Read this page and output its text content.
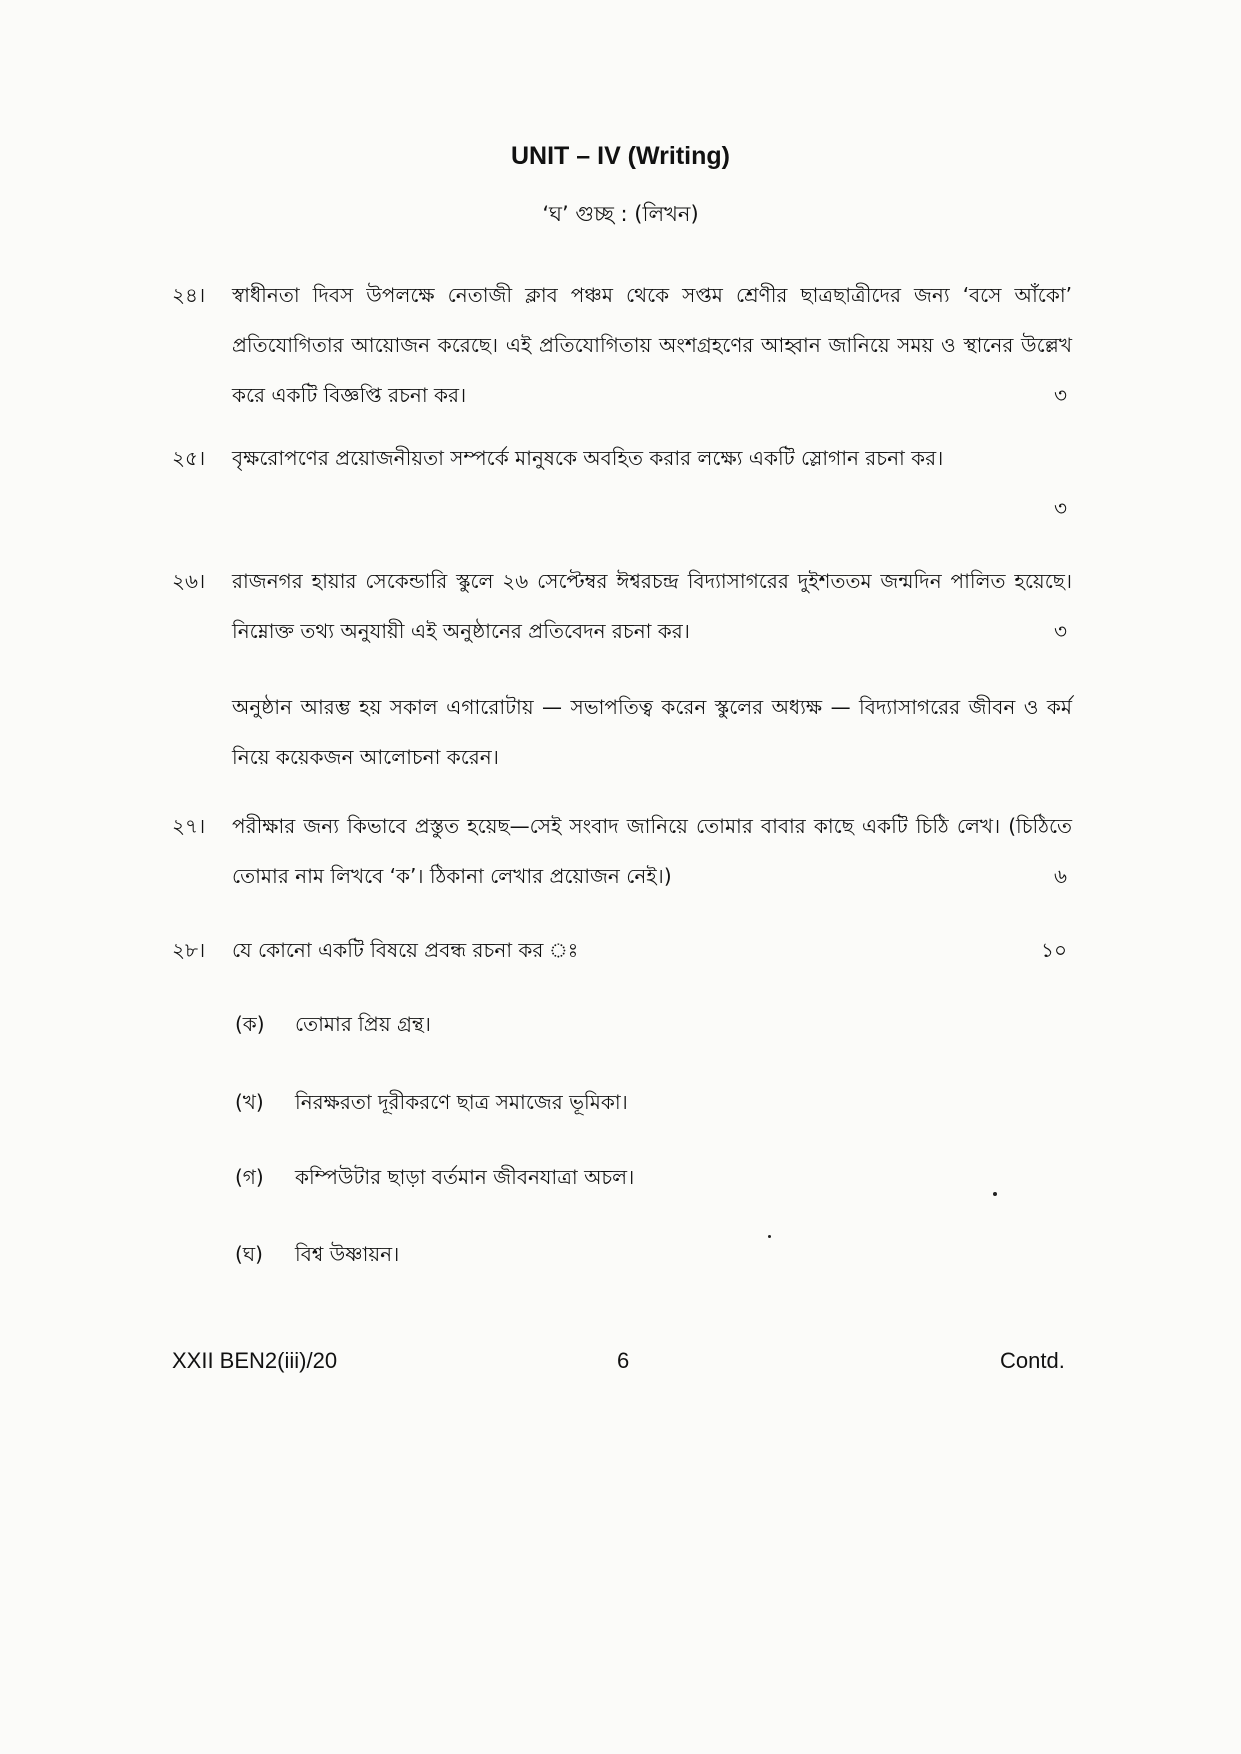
UNIT – IV (Writing)
‘ঘ’ গুচ্ছ : (লিখন)
২৪।	স্বাধীনতা দিবস উপলক্ষে নেতাজী ক্লাব পঞ্চম থেকে সপ্তম শ্রেণীর ছাত্রছাত্রীদের জন্য ‘বসে আঁকো’ প্রতিযোগিতার আয়োজন করেছে। এই প্রতিযোগিতায় অংশগ্রহণের আহ্বান জানিয়ে সময় ও স্থানের উল্লেখ করে একটি বিজ্ঞপ্তি রচনা কর।	৩
২৫।	বৃক্ষরোপণের প্রয়োজনীয়তা সম্পর্কে মানুষকে অবহিত করার লক্ষ্যে একটি স্লোগান রচনা কর।
৩
২৬।	রাজনগর হায়ার সেকেন্ডারি স্কুলে ২৬ সেপ্টেম্বর ঈশ্বরচন্দ্র বিদ্যাসাগরের দুইশততম জন্মদিন পালিত হয়েছে। নিম্নোক্ত তথ্য অনুযায়ী এই অনুষ্ঠানের প্রতিবেদন রচনা কর।	৩
অনুষ্ঠান আরম্ভ হয় সকাল এগারোটায় — সভাপতিত্ব করেন স্কুলের অধ্যক্ষ — বিদ্যাসাগরের জীবন ও কর্ম নিয়ে কয়েকজন আলোচনা করেন।
২৭।	পরীক্ষার জন্য কিভাবে প্রস্তুত হয়েছ—সেই সংবাদ জানিয়ে তোমার বাবার কাছে একটি চিঠি লেখ। (চিঠিতে তোমার নাম লিখবে ‘ক’। ঠিকানা লেখার প্রয়োজন নেই।)	৬
২৮।	যে কোনো একটি বিষয়ে প্রবন্ধ রচনা কর ঃ	১০
(ক) তোমার প্রিয় গ্রন্থ।
(খ) নিরক্ষরতা দূরীকরণে ছাত্র সমাজের ভূমিকা।
(গ) কম্পিউটার ছাড়া বর্তমান জীবনযাত্রা অচল।
(ঘ) বিশ্ব উষ্ণায়ন।
XXII BEN2(iii)/20	6	Contd.
